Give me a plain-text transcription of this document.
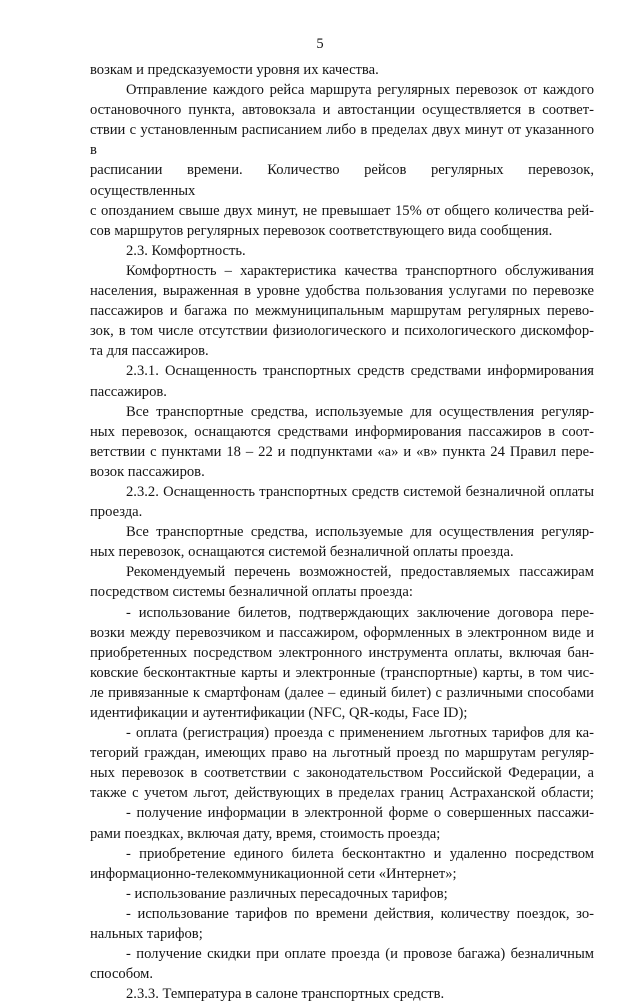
5
возкам и предсказуемости уровня их качества.
Отправление каждого рейса маршрута регулярных перевозок от каждого
остановочного пункта, автовокзала и автостанции осуществляется в соответ-
ствии с установленным расписанием либо в пределах двух минут от указанного в
расписании времени. Количество рейсов регулярных перевозок, осуществленных
с опозданием свыше двух минут, не превышает 15% от общего количества рей-
сов маршрутов регулярных перевозок соответствующего вида сообщения.
2.3. Комфортность.
Комфортность – характеристика качества транспортного обслуживания
населения, выраженная в уровне удобства пользования услугами по перевозке
пассажиров и багажа по межмуниципальным маршрутам регулярных перево-
зок, в том числе отсутствии физиологического и психологического дискомфор-
та для пассажиров.
2.3.1. Оснащенность транспортных средств средствами информирования
пассажиров.
Все транспортные средства, используемые для осуществления регуляр-
ных перевозок, оснащаются средствами информирования пассажиров в соот-
ветствии с пунктами 18 – 22 и подпунктами «а» и «в» пункта 24 Правил пере-
возок пассажиров.
2.3.2. Оснащенность транспортных средств системой безналичной оплаты
проезда.
Все транспортные средства, используемые для осуществления регуляр-
ных перевозок, оснащаются системой безналичной оплаты проезда.
Рекомендуемый перечень возможностей, предоставляемых пассажирам
посредством системы безналичной оплаты проезда:
- использование билетов, подтверждающих заключение договора пере-
возки между перевозчиком и пассажиром, оформленных в электронном виде и
приобретенных посредством электронного инструмента оплаты, включая бан-
ковские бесконтактные карты и электронные (транспортные) карты, в том чис-
ле привязанные к смартфонам (далее – единый билет) с различными способами
идентификации и аутентификации (NFC, QR-коды, Face ID);
- оплата (регистрация) проезда с применением льготных тарифов для ка-
тегорий граждан, имеющих право на льготный проезд по маршрутам регуляр-
ных перевозок в соответствии с законодательством Российской Федерации, а
также с учетом льгот, действующих в пределах границ Астраханской области;
- получение информации в электронной форме о совершенных пассажи-
рами поездках, включая дату, время, стоимость проезда;
- приобретение единого билета бесконтактно и удаленно посредством
информационно-телекоммуникационной сети «Интернет»;
- использование различных пересадочных тарифов;
- использование тарифов по времени действия, количеству поездок, зо-
нальных тарифов;
- получение скидки при оплате проезда (и провозе багажа) безналичным
способом.
2.3.3. Температура в салоне транспортных средств.
